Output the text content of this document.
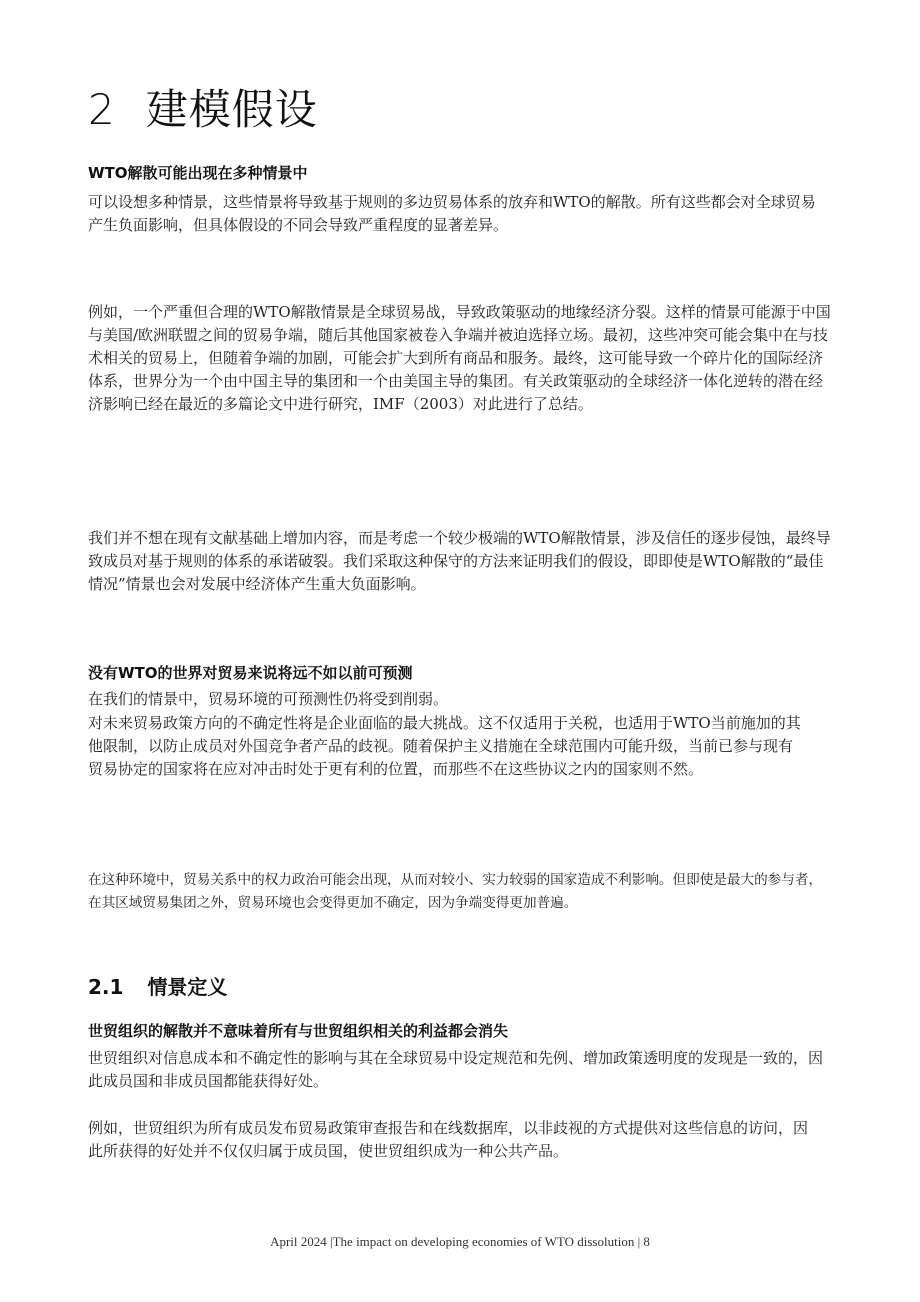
2 建模假设
WTO解散可能出现在多种情景中
可以设想多种情景，这些情景将导致基于规则的多边贸易体系的放弃和WTO的解散。所有这些都会对全球贸易产生负面影响，但具体假设的不同会导致严重程度的显著差异。
例如，一个严重但合理的WTO解散情景是全球贸易战，导致政策驱动的地缘经济分裂。这样的情景可能源于中国与美国/欧洲联盟之间的贸易争端，随后其他国家被卷入争端并被迫选择立场。最初，这些冲突可能会集中在与技术相关的贸易上，但随着争端的加剧，可能会扩大到所有商品和服务。最终，这可能导致一个碎片化的国际经济体系，世界分为一个由中国主导的集团和一个由美国主导的集团。有关政策驱动的全球经济一体化逆转的潜在经济影响已经在最近的多篇论文中进行研究，IMF（2003）对此进行了总结。
我们并不想在现有文献基础上增加内容，而是考虑一个较少极端的WTO解散情景，涉及信任的逐步侵蚀，最终导致成员对基于规则的体系的承诺破裂。我们采取这种保守的方法来证明我们的假设，即即使是WTO解散的“最佳情况”情景也会对发展中经济体产生重大负面影响。
没有WTO的世界对贸易来说将远不如以前可预测
在我们的情景中，贸易环境的可预测性仍将受到削弱。
对未来贸易政策方向的不确定性将是企业面临的最大挑战。这不仅适用于关税，也适用于WTO当前施加的其他限制，以防止成员对外国竞争者产品的歧视。随着保护主义措施在全球范围内可能升级，当前已参与现有贸易协定的国家将在应对冲击时处于更有利的位置，而那些不在这些协议之内的国家则不然。
在这种环境中，贸易关系中的权力政治可能会出现，从而对较小、实力较弱的国家造成不利影响。但即使是最大的参与者，在其区域贸易集团之外，贸易环境也会变得更加不确定，因为争端变得更加普遍。
2.1 情景定义
世贸组织的解散并不意味着所有与世贸组织相关的利益都会消失
世贸组织对信息成本和不确定性的影响与其在全球贸易中设定规范和先例、增加政策透明度的发现是一致的，因此成员国和非成员国都能获得好处。
例如，世贸组织为所有成员发布贸易政策审查报告和在线数据库，以非歧视的方式提供对这些信息的访问，因此所获得的好处并不仅仅归属于成员国，使世贸组织成为一种公共产品。
April 2024 |The impact on developing economies of WTO dissolution | 8
